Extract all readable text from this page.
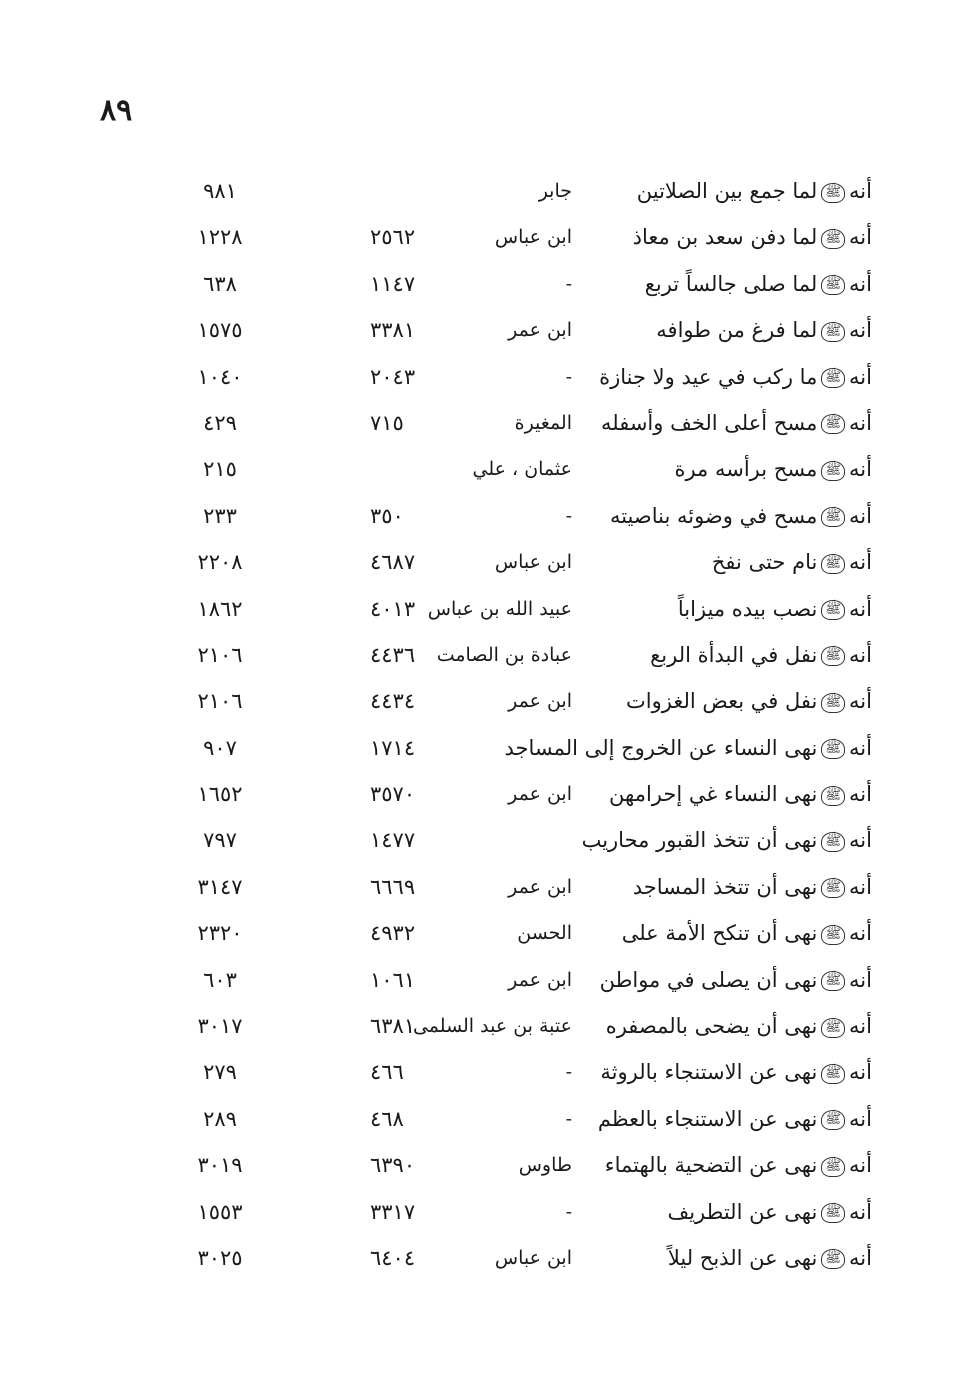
٨٩
أنهﷺلما جمع بين الصلاتين
جابر
٩٨١
أنهﷺلما دفن سعد بن معاذ
ابن عباس
٢٥٦٢
١٢٢٨
أنهﷺلما صلى جالساً تربع
-
١١٤٧
٦٣٨
أنهﷺلما فرغ من طوافه
ابن عمر
٣٣٨١
١٥٧٥
أنهﷺما ركب في عيد ولا جنازة
-
٢٠٤٣
١٠٤٠
أنهﷺمسح أعلى الخف وأسفله
المغيرة
٧١٥
٤٢٩
أنهﷺمسح برأسه مرة
عثمان ، علي
٢١٥
أنهﷺمسح في وضوئه بناصيته
-
٣٥٠
٢٣٣
أنهﷺنام حتى نفخ
ابن عباس
٤٦٨٧
٢٢٠٨
أنهﷺنصب بيده ميزاباً
عبيد الله بن عباس
٤٠١٣
١٨٦٢
أنهﷺنفل في البدأة الربع
عبادة بن الصامت
٤٤٣٦
٢١٠٦
أنهﷺنفل في بعض الغزوات
ابن عمر
٤٤٣٤
٢١٠٦
أنهﷺنهى النساء عن الخروج إلى المساجد
١٧١٤
٩٠٧
أنهﷺنهى النساء غي إحرامهن
ابن عمر
٣٥٧٠
١٦٥٢
أنهﷺنهى أن تتخذ القبور محاريب
١٤٧٧
٧٩٧
أنهﷺنهى أن تتخذ المساجد
ابن عمر
٦٦٦٩
٣١٤٧
أنهﷺنهى أن تنكح الأمة على
الحسن
٤٩٣٢
٢٣٢٠
أنهﷺنهى أن يصلى في مواطن
ابن عمر
١٠٦١
٦٠٣
أنهﷺنهى أن يضحى بالمصفره
عتبة بن عبد السلمى
٦٣٨١
٣٠١٧
أنهﷺنهى عن الاستنجاء بالروثة
-
٤٦٦
٢٧٩
أنهﷺنهى عن الاستنجاء بالعظم
-
٤٦٨
٢٨٩
أنهﷺنهى عن التضحية بالهتماء
طاوس
٦٣٩٠
٣٠١٩
أنهﷺنهى عن التطريف
-
٣٣١٧
١٥٥٣
أنهﷺنهى عن الذبح ليلاً
ابن عباس
٦٤٠٤
٣٠٢٥
